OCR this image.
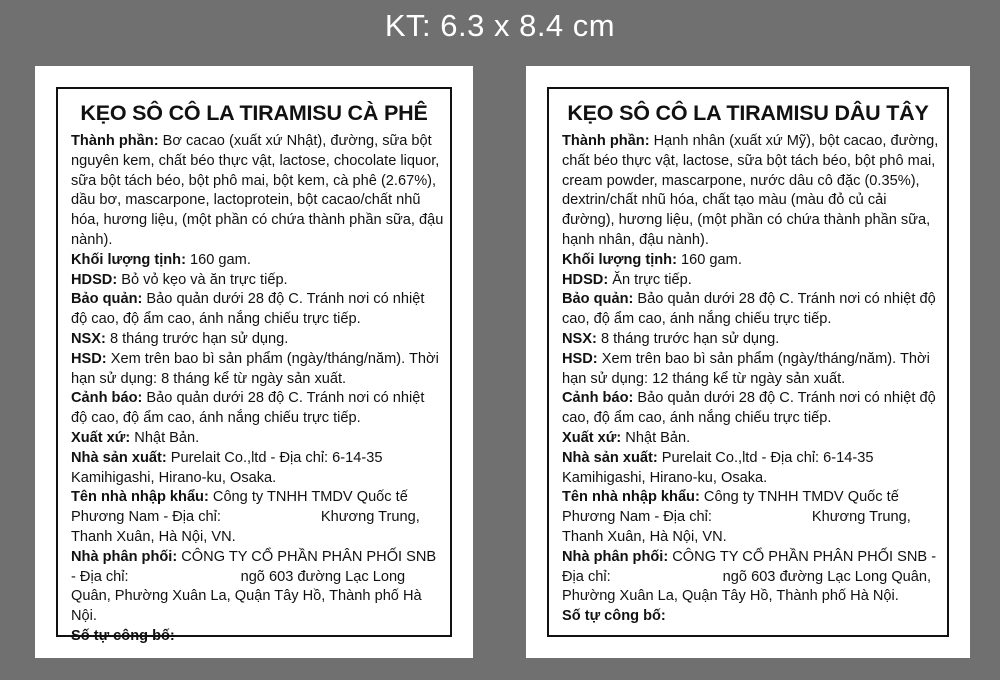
KT: 6.3 x 8.4 cm
KẸO SÔ CÔ LA TIRAMISU CÀ PHÊ

Thành phần: Bơ cacao (xuất xứ Nhật), đường, sữa bột nguyên kem, chất béo thực vật, lactose, chocolate liquor, sữa bột tách béo, bột phô mai, bột kem, cà phê (2.67%), dầu bơ, mascarpone, lactoprotein, bột cacao/chất nhũ hóa, hương liệu, (một phần có chứa thành phần sữa, đậu nành).

Khối lượng tịnh: 160 gam.

HDSD: Bỏ vỏ kẹo và ăn trực tiếp.

Bảo quản: Bảo quản dưới 28 độ C. Tránh nơi có nhiệt độ cao, độ ẩm cao, ánh nắng chiếu trực tiếp.

NSX: 8 tháng trước hạn sử dụng.

HSD: Xem trên bao bì sản phẩm (ngày/tháng/năm). Thời hạn sử dụng: 8 tháng kể từ ngày sản xuất.

Cảnh báo: Bảo quản dưới 28 độ C. Tránh nơi có nhiệt độ cao, độ ẩm cao, ánh nắng chiếu trực tiếp.

Xuất xứ: Nhật Bản.

Nhà sản xuất: Purelait Co.,ltd - Địa chỉ: 6-14-35 Kamihigashi, Hirano-ku, Osaka.

Tên nhà nhập khẩu: Công ty TNHH TMDV Quốc tế Phương Nam - Địa chỉ:	Khương Trung, Thanh Xuân, Hà Nội, VN.

Nhà phân phối: CÔNG TY CỔ PHẦN PHÂN PHỐI SNB - Địa chỉ:	ngõ 603 đường Lạc Long Quân, Phường Xuân La, Quận Tây Hồ, Thành phố Hà Nội.

Số tự công bố:

KẸO SÔ CÔ LA TIRAMISU DÂU TÂY

Thành phần: Hạnh nhân (xuất xứ Mỹ), bột cacao, đường, chất béo thực vật, lactose, sữa bột tách béo, bột phô mai, cream powder, mascarpone, nước dâu cô đặc (0.35%), dextrin/chất nhũ hóa, chất tạo màu (màu đỏ củ cải đường), hương liệu, (một phần có chứa thành phần sữa, hạnh nhân, đậu nành).

Khối lượng tịnh: 160 gam.

HDSD: Ăn trực tiếp.

Bảo quản: Bảo quản dưới 28 độ C. Tránh nơi có nhiệt độ cao, độ ẩm cao, ánh nắng chiếu trực tiếp.

NSX: 8 tháng trước hạn sử dụng.

HSD: Xem trên bao bì sản phẩm (ngày/tháng/năm). Thời hạn sử dụng: 12 tháng kể từ ngày sản xuất.

Cảnh báo: Bảo quản dưới 28 độ C. Tránh nơi có nhiệt độ cao, độ ẩm cao, ánh nắng chiếu trực tiếp.

Xuất xứ: Nhật Bản.

Nhà sản xuất: Purelait Co.,ltd - Địa chỉ: 6-14-35 Kamihigashi, Hirano-ku, Osaka.

Tên nhà nhập khẩu: Công ty TNHH TMDV Quốc tế Phương Nam - Địa chỉ:	Khương Trung, Thanh Xuân, Hà Nội, VN.

Nhà phân phối: CÔNG TY CỔ PHẦN PHÂN PHỐI SNB - Địa chỉ:	ngõ 603 đường Lạc Long Quân, Phường Xuân La, Quận Tây Hồ, Thành phố Hà Nội.

Số tự công bố:
